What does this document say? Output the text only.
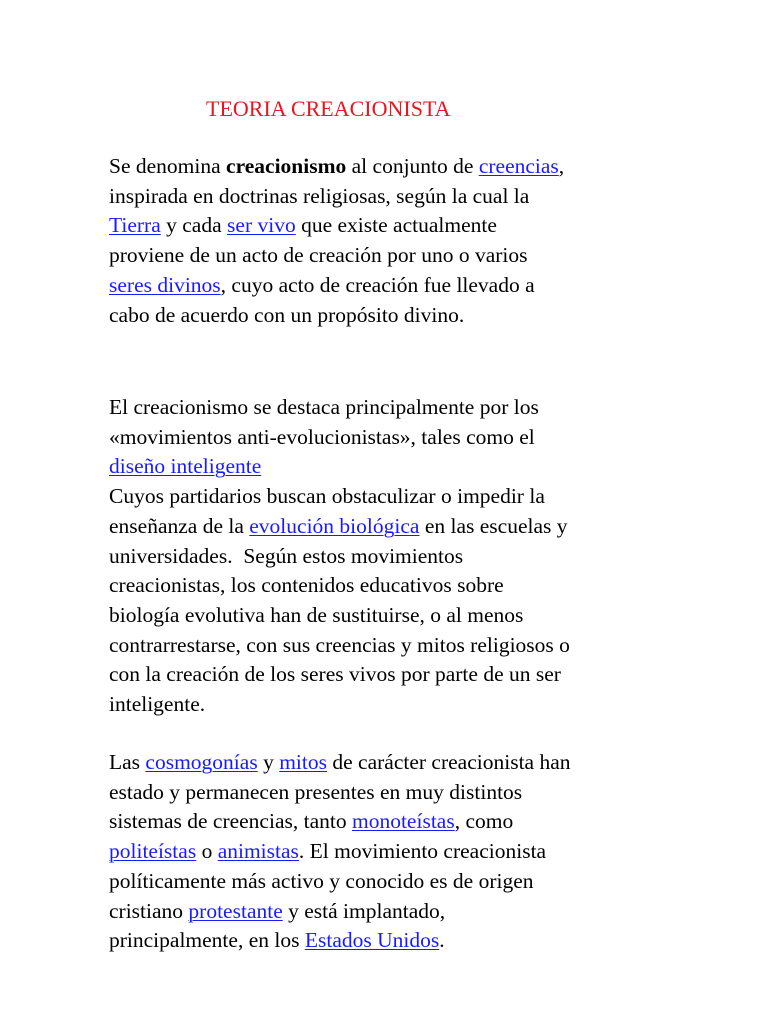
TEORIA CREACIONISTA

Se denomina creacionismo al conjunto de creencias,
inspirada en doctrinas religiosas, según la cual la
Tierra y cada ser vivo que existe actualmente
proviene de un acto de creación por uno o varios
seres divinos, cuyo acto de creación fue llevado a
cabo de acuerdo con un propósito divino.

El creacionismo se destaca principalmente por los
«movimientos anti-evolucionistas», tales como el
diseño inteligente
Cuyos partidarios buscan obstaculizar o impedir la
enseñanza de la evolución biológica en las escuelas y
universidades.  Según estos movimientos
creacionistas, los contenidos educativos sobre
biología evolutiva han de sustituirse, o al menos
contrarrestarse, con sus creencias y mitos religiosos o
con la creación de los seres vivos por parte de un ser
inteligente.

Las cosmogonías y mitos de carácter creacionista han
estado y permanecen presentes en muy distintos
sistemas de creencias, tanto monoteístas, como
politeístas o animistas. El movimiento creacionista
políticamente más activo y conocido es de origen
cristiano protestante y está implantado,
principalmente, en los Estados Unidos.
